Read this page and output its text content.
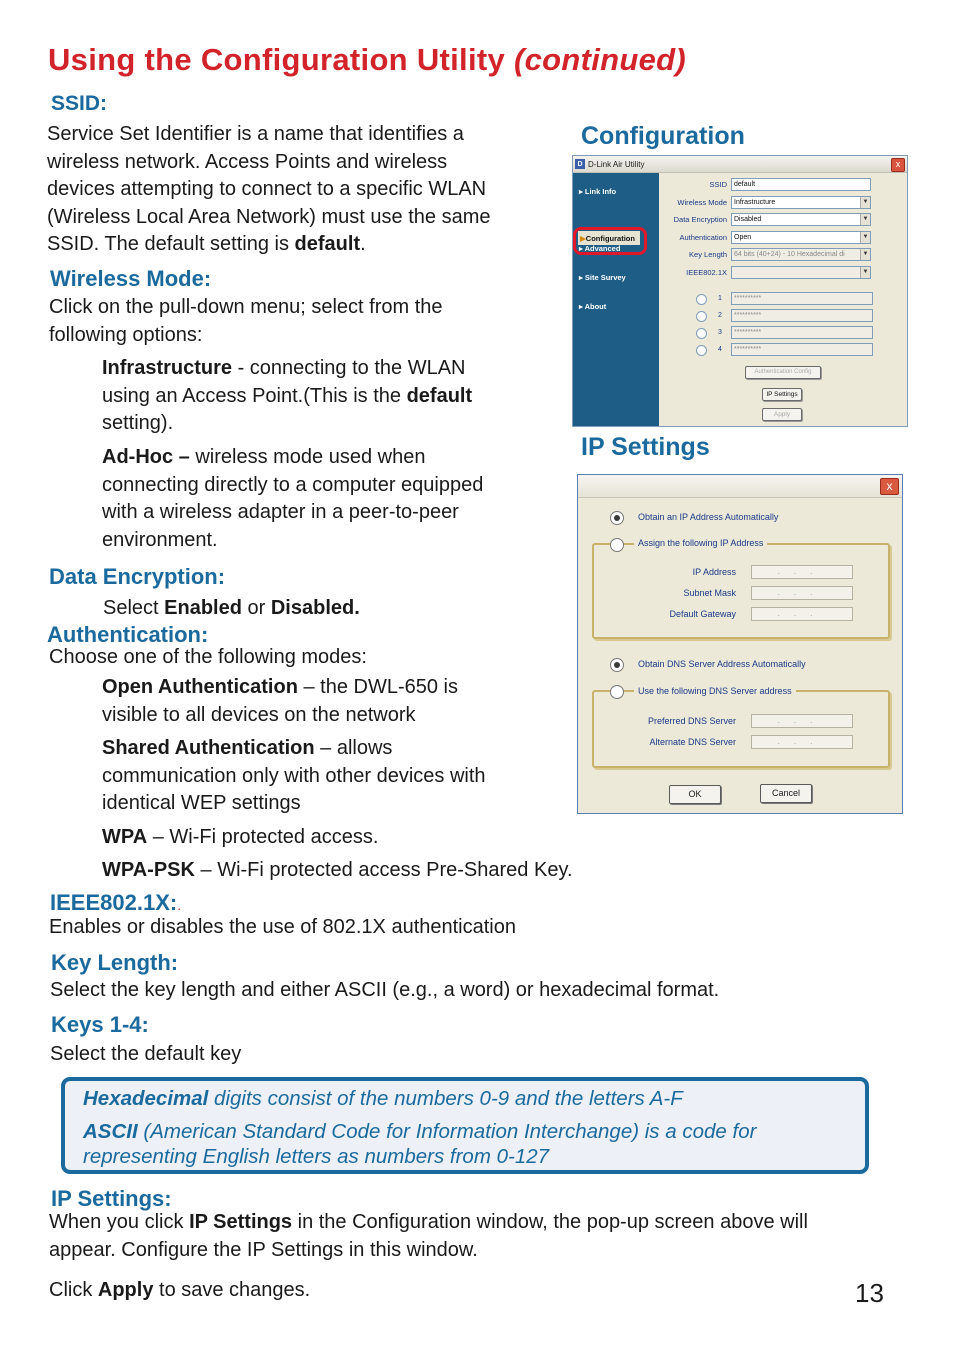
Using the Configuration Utility (continued)
SSID:
Service Set Identifier is a name that identifies a
wireless network. Access Points and wireless
devices attempting to connect to a specific WLAN
(Wireless Local Area Network) must use the same
SSID. The default setting is default.
Wireless Mode:
Click on the pull-down menu; select from the
following options:
Infrastructure - connecting to the WLAN
using an Access Point.(This is the default
setting).
Ad-Hoc – wireless mode used when
connecting directly to a computer equipped
with a wireless adapter in a peer-to-peer
environment.
Data Encryption:
Select Enabled or Disabled.
Authentication:
Choose one of the following modes:
Open Authentication – the DWL-650 is
visible to all devices on the network
Shared Authentication – allows
communication only with other devices with
identical WEP settings
WPA – Wi-Fi protected access.
WPA-PSK – Wi-Fi protected access Pre-Shared Key.
IEEE802.1X:.
Enables or disables the use of 802.1X authentication
Key Length:
Select the key length and either ASCII (e.g., a word) or hexadecimal format.
Keys 1-4:
Select the default key
Hexadecimal digits consist of the numbers 0-9 and the letters A-F
ASCII (American Standard Code for Information Interchange) is a code for
representing English letters as numbers from 0-127
IP Settings:
When you click IP Settings in the Configuration window, the pop-up screen above will
appear. Configure the IP Settings in this window.
Click Apply to save changes.	13
Configuration
IP Settings
D D-Link Air Utility	x
▸ Link Info
▶ Configuration
▸ Advanced
▸ Site Survey
▸ About
SSID	default
Wireless Mode	Infrastructure	▼
Data Encryption	Disabled	▼
Authentication	Open	▼
Key Length	64 bits (40+24) - 10 Hexadecimal di	▼
IEEE802.1X	▼
1	**********
2	**********
3	**********
4	**********
Authentication Config
IP Settings
Apply
x
Obtain an IP Address Automatically
Assign the following IP Address
IP Address	...
Subnet Mask	...
Default Gateway	...
Obtain DNS Server Address Automatically
Use the following DNS Server address
Preferred DNS Server	...
Alternate DNS Server	...
OK	Cancel
